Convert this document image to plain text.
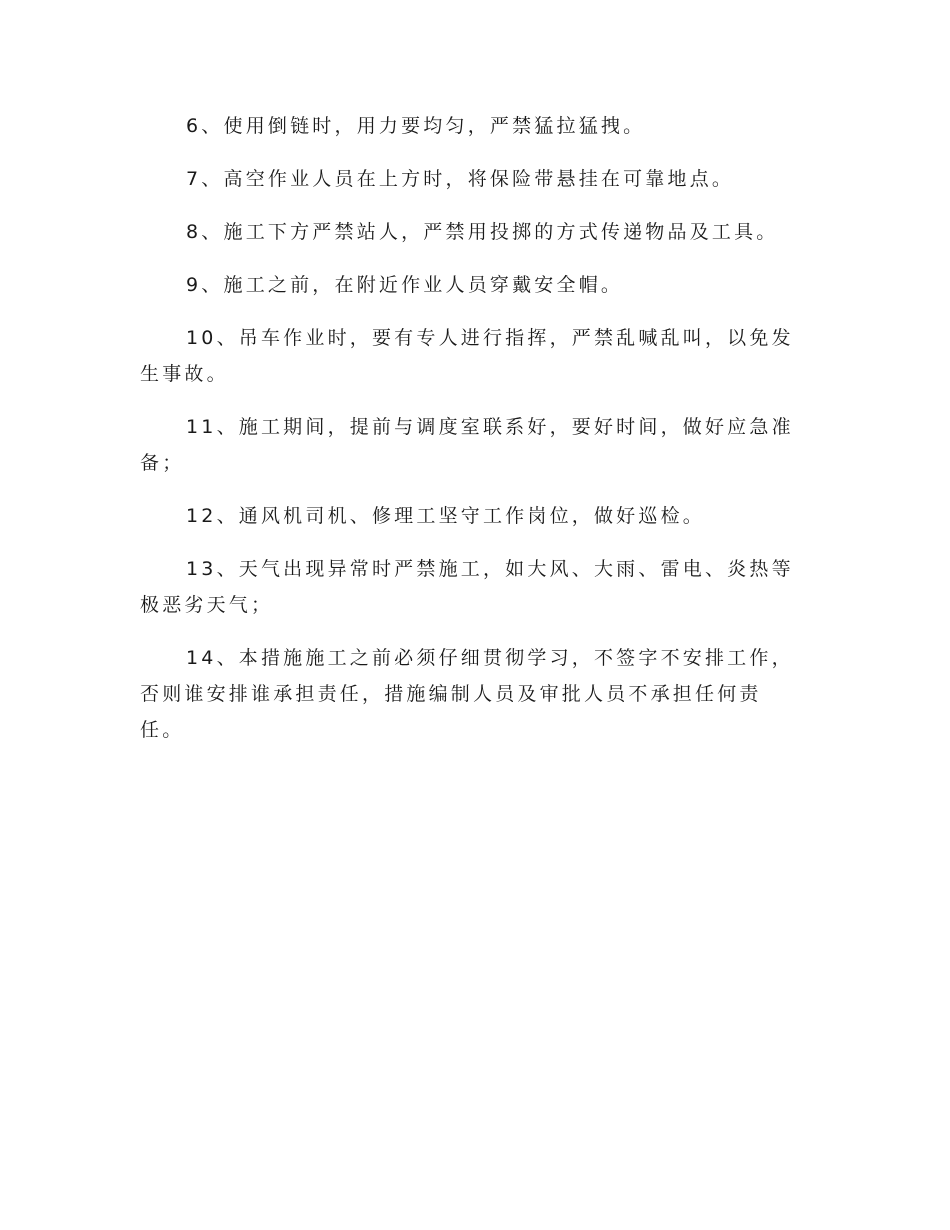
6、使用倒链时，用力要均匀，严禁猛拉猛拽。

7、高空作业人员在上方时，将保险带悬挂在可靠地点。

8、施工下方严禁站人，严禁用投掷的方式传递物品及工具。

9、施工之前，在附近作业人员穿戴安全帽。

10、吊车作业时，要有专人进行指挥，严禁乱喊乱叫，以免发生事故。

11、施工期间，提前与调度室联系好，要好时间，做好应急准备；

12、通风机司机、修理工坚守工作岗位，做好巡检。

13、天气出现异常时严禁施工，如大风、大雨、雷电、炎热等极恶劣天气；

14、本措施施工之前必须仔细贯彻学习，不签字不安排工作，否则谁安排谁承担责任，措施编制人员及审批人员不承担任何责任。
